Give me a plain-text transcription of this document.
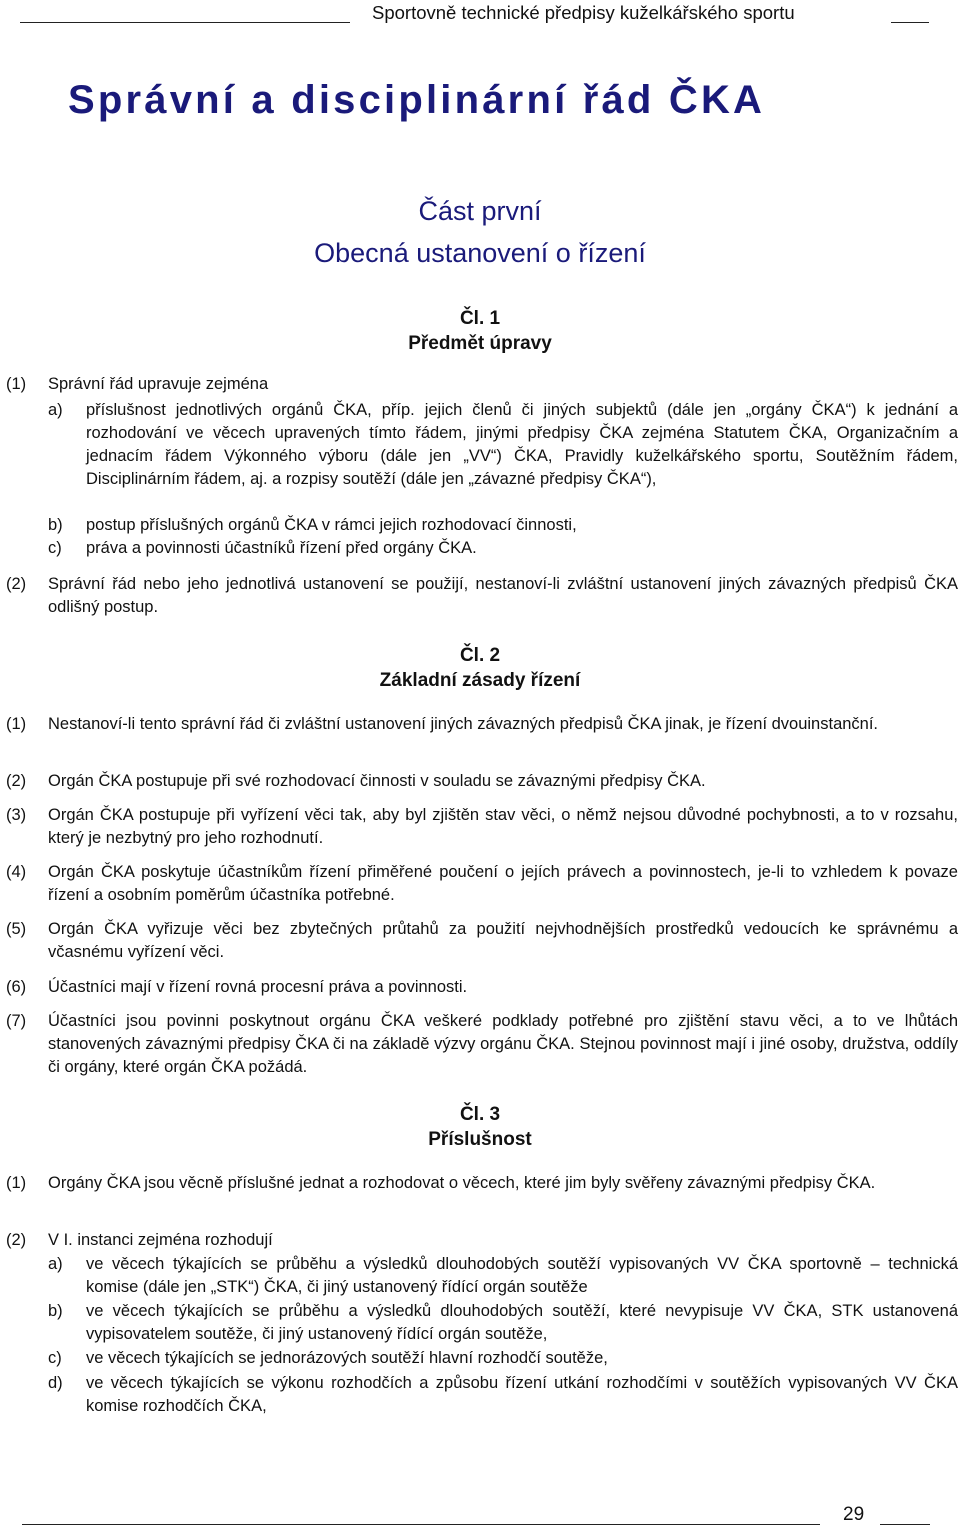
Sportovně technické předpisy kuželkářského sportu
Správní a disciplinární řád ČKA
Část první
Obecná ustanovení o řízení
Čl. 1
Předmět úpravy
(1) Správní řád upravuje zejména
a) příslušnost jednotlivých orgánů ČKA, příp. jejich členů či jiných subjektů (dále jen „orgány ČKA“) k jednání a rozhodování ve věcech upravených tímto řádem, jinými předpisy ČKA zejména Statutem ČKA, Organizačním a jednacím řádem Výkonného výboru (dále jen „VV“) ČKA, Pravidly kuželkářského sportu, Soutěžním řádem, Disciplinárním řádem, aj. a rozpisy soutěží (dále jen „závazné předpisy ČKA“),
b) postup příslušných orgánů ČKA v rámci jejich rozhodovací činnosti,
c) práva a povinnosti účastníků řízení před orgány ČKA.
(2) Správní řád nebo jeho jednotlivá ustanovení se použijí, nestanoví-li zvláštní ustanovení jiných závazných předpisů ČKA odlišný postup.
Čl. 2
Základní zásady řízení
(1) Nestanoví-li tento správní řád či zvláštní ustanovení jiných závazných předpisů ČKA jinak, je řízení dvouinstanční.
(2) Orgán ČKA postupuje při své rozhodovací činnosti v souladu se závaznými předpisy ČKA.
(3) Orgán ČKA postupuje při vyřízení věci tak, aby byl zjištěn stav věci, o němž nejsou důvodné pochybnosti, a to v rozsahu, který je nezbytný pro jeho rozhodnutí.
(4) Orgán ČKA poskytuje účastníkům řízení přiměřené poučení o jejích právech a povinnostech, je-li to vzhledem k povaze řízení a osobním poměrům účastníka potřebné.
(5) Orgán ČKA vyřizuje věci bez zbytečných průtahů za použití nejvhodnějších prostředků vedoucích ke správnému a včasnému vyřízení věci.
(6) Účastníci mají v řízení rovná procesní práva a povinnosti.
(7) Účastníci jsou povinni poskytnout orgánu ČKA veškeré podklady potřebné pro zjištění stavu věci, a to ve lhůtách stanovených závaznými předpisy ČKA či na základě výzvy orgánu ČKA. Stejnou povinnost mají i jiné osoby, družstva, oddíly či orgány, které orgán ČKA požádá.
Čl. 3
Příslušnost
(1) Orgány ČKA jsou věcně příslušné jednat a rozhodovat o věcech, které jim byly svěřeny závaznými předpisy ČKA.
(2) V I. instanci zejména rozhodují
a) ve věcech týkajících se průběhu a výsledků dlouhodobých soutěží vypisovaných VV ČKA sportovně – technická komise (dále jen „STK“) ČKA, či jiný ustanovený řídící orgán soutěže
b) ve věcech týkajících se průběhu a výsledků dlouhodobých soutěží, které nevypisuje VV ČKA, STK ustanovená vypisovatelem soutěže, či jiný ustanovený řídící orgán soutěže,
c) ve věcech týkajících se jednorázových soutěží hlavní rozhodčí soutěže,
d) ve věcech týkajících se výkonu rozhodčích a způsobu řízení utkání rozhodčími v soutěžích vypisovaných VV ČKA komise rozhodčích ČKA,
29
